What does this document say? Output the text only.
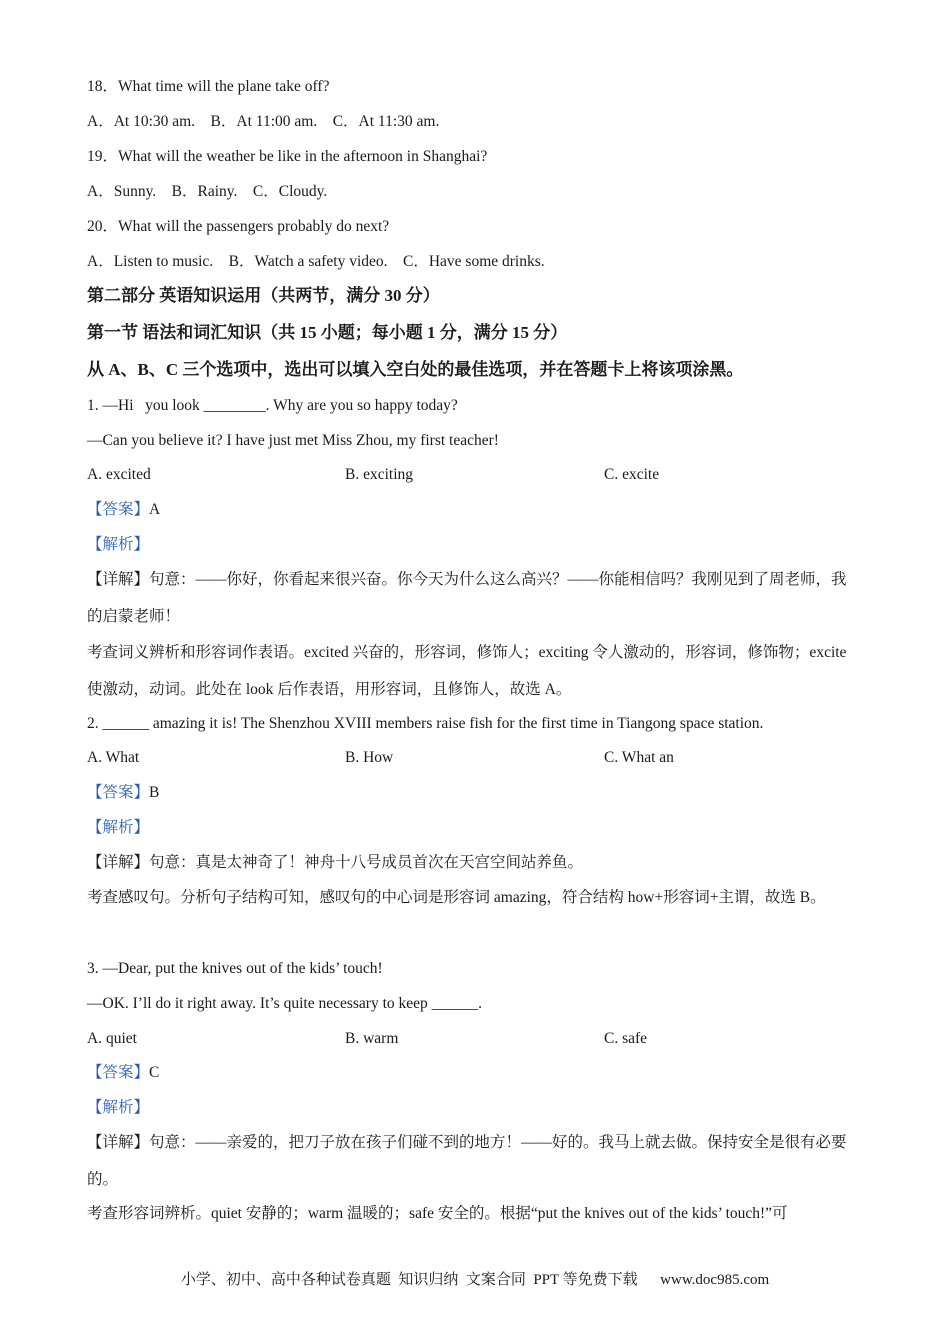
18．What time will the plane take off?
A．At 10:30 am.    B．At 11:00 am.    C．At 11:30 am.
19．What will the weather be like in the afternoon in Shanghai?
A．Sunny.    B．Rainy.    C．Cloudy.
20．What will the passengers probably do next?
A．Listen to music.    B．Watch a safety video.    C．Have some drinks.
第二部分 英语知识运用（共两节，满分 30 分）
第一节 语法和词汇知识（共 15 小题；每小题 1 分，满分 15 分）
从 A、B、C 三个选项中，选出可以填入空白处的最佳选项，并在答题卡上将该项涂黑。
1. —Hi   you look ________. Why are you so happy today?
—Can you believe it? I have just met Miss Zhou, my first teacher!
A. excited	B. exciting	C. excite
【答案】A
【解析】
【详解】句意：——你好，你看起来很兴奋。你今天为什么这么高兴？——你能相信吗？我刚见到了周老师，我的启蒙老师！
考查词义辨析和形容词作表语。excited 兴奋的，形容词，修饰人；exciting 令人激动的，形容词，修饰物；excite 使激动，动词。此处在 look 后作表语，用形容词，且修饰人，故选 A。
2. ______ amazing it is! The Shenzhou XVIII members raise fish for the first time in Tiangong space station.
A. What	B. How	C. What an
【答案】B
【解析】
【详解】句意：真是太神奇了！神舟十八号成员首次在天宫空间站养鱼。
考查感叹句。分析句子结构可知，感叹句的中心词是形容词 amazing，符合结构 how+形容词+主谓，故选 B。
3. —Dear, put the knives out of the kids’ touch!
—OK. I’ll do it right away. It’s quite necessary to keep ______.
A. quiet	B. warm	C. safe
【答案】C
【解析】
【详解】句意：——亲爱的，把刀子放在孩子们碰不到的地方！——好的。我马上就去做。保持安全是很有必要的。
考查形容词辨析。quiet 安静的；warm 温暖的；safe 安全的。根据“put the knives out of the kids’ touch!”可
小学、初中、高中各种试卷真题  知识归纳  文案合同  PPT 等免费下载      www.doc985.com
